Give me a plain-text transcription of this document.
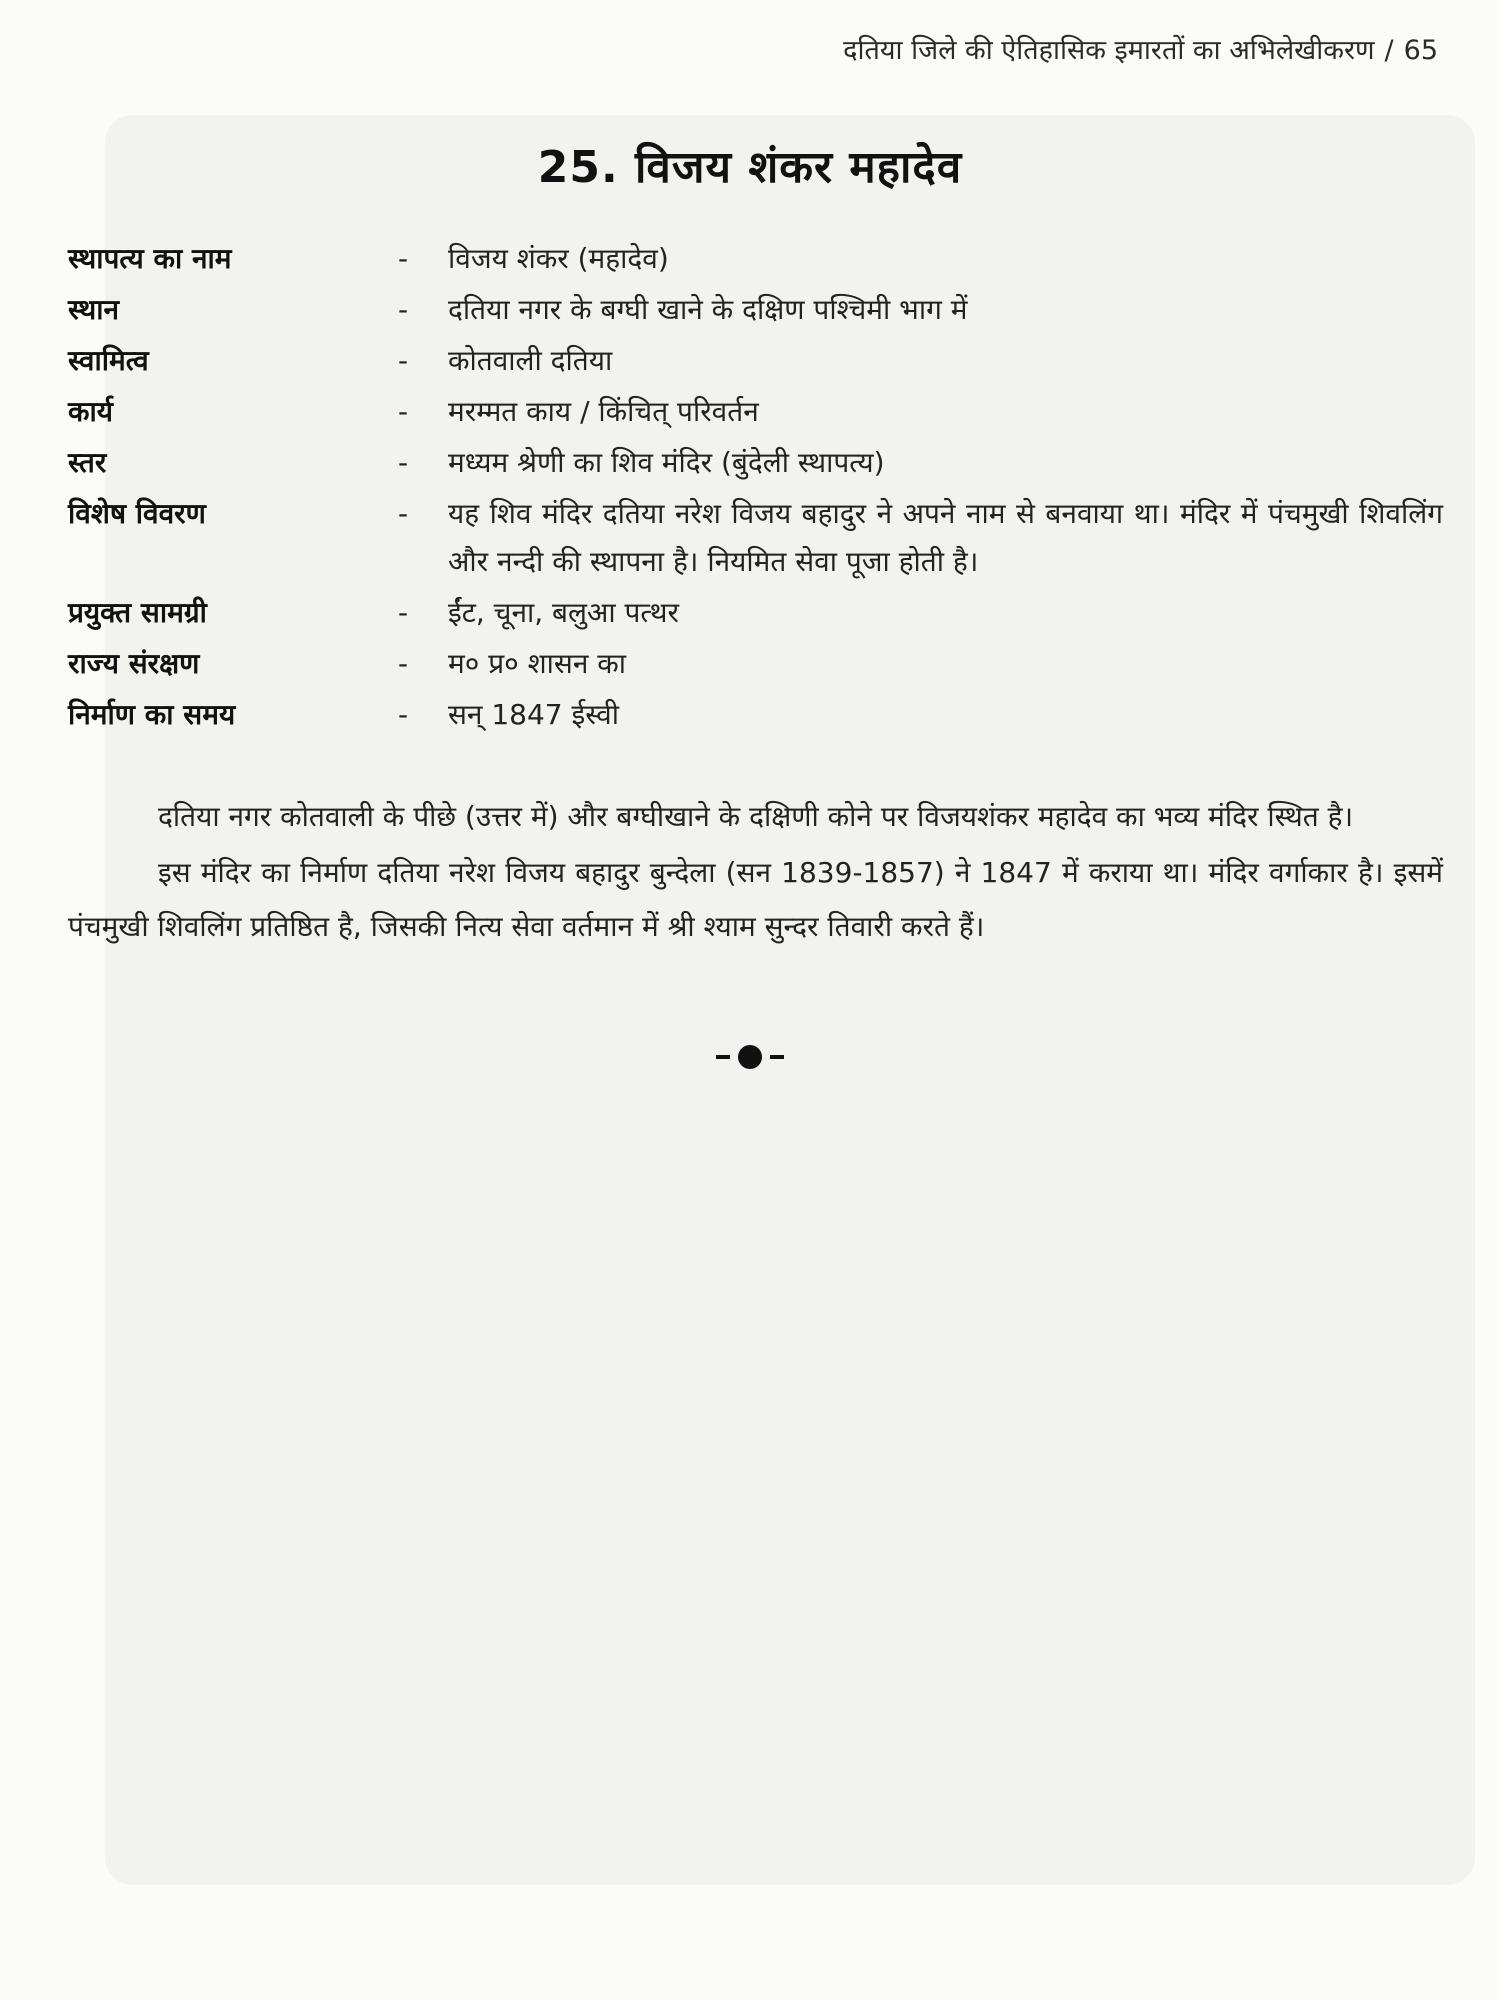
दतिया जिले की ऐतिहासिक इमारतों का अभिलेखीकरण / 65
25. विजय शंकर महादेव
स्थापत्य का नाम	-	विजय शंकर (महादेव)
स्थान	-	दतिया नगर के बग्घी खाने के दक्षिण पश्चिमी भाग में
स्वामित्व	-	कोतवाली दतिया
कार्य	-	मरम्मत काय / किंचित् परिवर्तन
स्तर	-	मध्यम श्रेणी का शिव मंदिर (बुंदेली स्थापत्य)
विशेष विवरण	-	यह शिव मंदिर दतिया नरेश विजय बहादुर ने अपने नाम से बनवाया था। मंदिर में पंचमुखी शिवलिंग और नन्दी की स्थापना है। नियमित सेवा पूजा होती है।
प्रयुक्त सामग्री	-	ईंट, चूना, बलुआ पत्थर
राज्य संरक्षण	-	म० प्र० शासन का
निर्माण का समय	-	सन् 1847 ईस्वी

दतिया नगर कोतवाली के पीछे (उत्तर में) और बग्घीखाने के दक्षिणी कोने पर विजयशंकर महादेव का भव्य मंदिर स्थित है।

इस मंदिर का निर्माण दतिया नरेश विजय बहादुर बुन्देला (सन 1839-1857) ने 1847 में कराया था। मंदिर वर्गाकार है। इसमें पंचमुखी शिवलिंग प्रतिष्ठित है, जिसकी नित्य सेवा वर्तमान में श्री श्याम सुन्दर तिवारी करते हैं।
